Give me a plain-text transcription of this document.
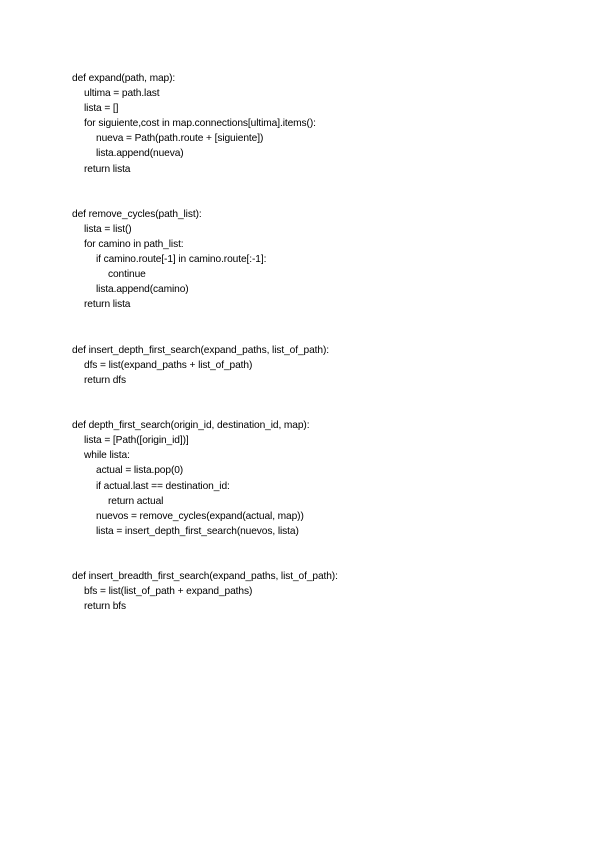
def expand(path, map):
ultima = path.last
lista = []
for siguiente,cost in map.connections[ultima].items():
nueva = Path(path.route + [siguiente])
lista.append(nueva)
return lista
def remove_cycles(path_list):
lista = list()
for camino in path_list:
if camino.route[-1] in camino.route[:-1]:
continue
lista.append(camino)
return lista
def insert_depth_first_search(expand_paths, list_of_path):
dfs = list(expand_paths + list_of_path)
return dfs
def depth_first_search(origin_id, destination_id, map):
lista = [Path([origin_id])]
while lista:
actual = lista.pop(0)
if actual.last == destination_id:
return actual
nuevos = remove_cycles(expand(actual, map))
lista = insert_depth_first_search(nuevos, lista)
def insert_breadth_first_search(expand_paths, list_of_path):
bfs = list(list_of_path + expand_paths)
return bfs
